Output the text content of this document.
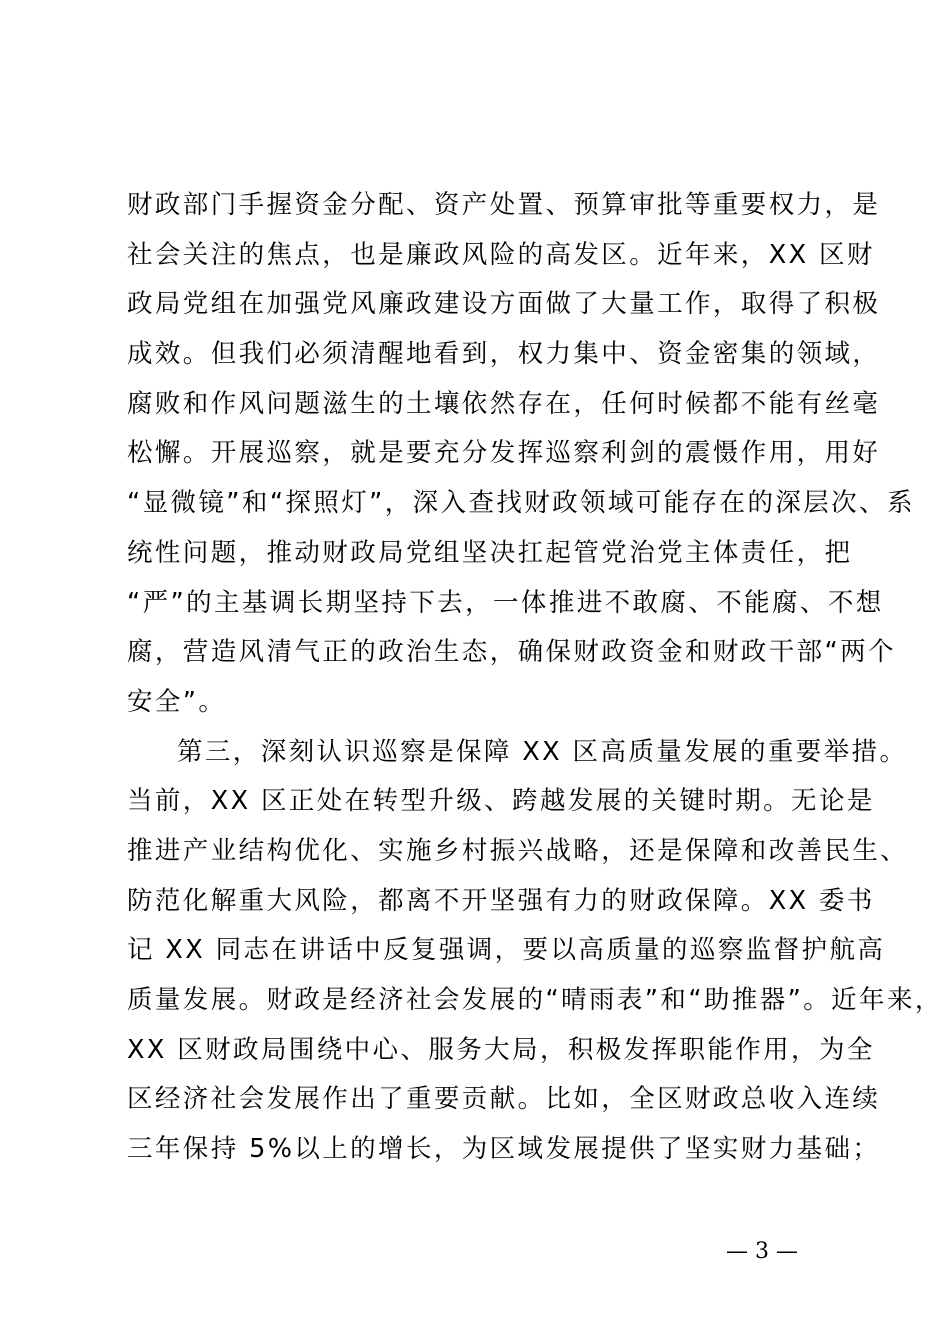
财政部门手握资金分配、资产处置、预算审批等重要权力，是
社会关注的焦点，也是廉政风险的高发区。近年来，XX 区财
政局党组在加强党风廉政建设方面做了大量工作，取得了积极
成效。但我们必须清醒地看到，权力集中、资金密集的领域，
腐败和作风问题滋生的土壤依然存在，任何时候都不能有丝毫
松懈。开展巡察，就是要充分发挥巡察利剑的震慑作用，用好
“显微镜”和“探照灯”，深入查找财政领域可能存在的深层次、系
统性问题，推动财政局党组坚决扛起管党治党主体责任，把
“严”的主基调长期坚持下去，一体推进不敢腐、不能腐、不想
腐，营造风清气正的政治生态，确保财政资金和财政干部“两个
安全”。
第三，深刻认识巡察是保障 XX 区高质量发展的重要举措。
当前，XX 区正处在转型升级、跨越发展的关键时期。无论是
推进产业结构优化、实施乡村振兴战略，还是保障和改善民生、
防范化解重大风险，都离不开坚强有力的财政保障。XX 委书
记 XX 同志在讲话中反复强调，要以高质量的巡察监督护航高
质量发展。财政是经济社会发展的“晴雨表”和“助推器”。近年来，
XX 区财政局围绕中心、服务大局，积极发挥职能作用，为全
区经济社会发展作出了重要贡献。比如，全区财政总收入连续
三年保持 5%以上的增长，为区域发展提供了坚实财力基础；
— 3 —
